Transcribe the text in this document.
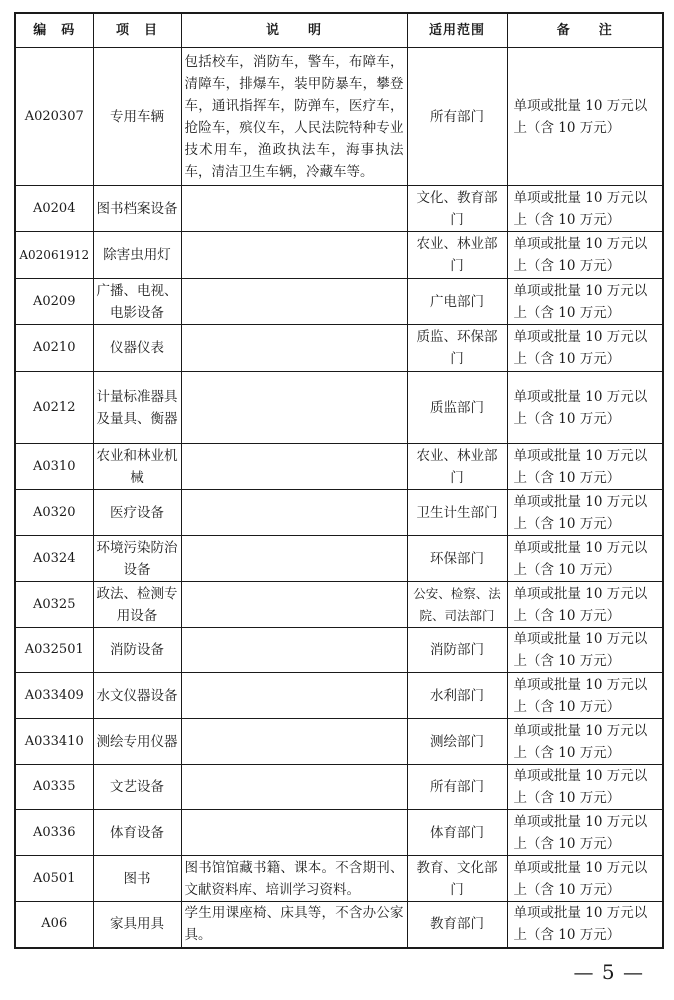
编　码	项　目	说　　明	适用范围	备　　注
A020307	专用车辆	包括校车，消防车，警车，布障车，清障车，排爆车，装甲防暴车，攀登车，通讯指挥车，防弹车，医疗车，抢险车，殡仪车，人民法院特种专业技术用车，渔政执法车，海事执法车，清洁卫生车辆，冷藏车等。	所有部门	单项或批量 10 万元以上（含 10 万元）
A0204	图书档案设备		文化、教育部门	单项或批量 10 万元以上（含 10 万元）
A02061912	除害虫用灯		农业、林业部门	单项或批量 10 万元以上（含 10 万元）
A0209	广播、电视、电影设备		广电部门	单项或批量 10 万元以上（含 10 万元）
A0210	仪器仪表		质监、环保部门	单项或批量 10 万元以上（含 10 万元）
A0212	计量标准器具及量具、衡器		质监部门	单项或批量 10 万元以上（含 10 万元）
A0310	农业和林业机械		农业、林业部门	单项或批量 10 万元以上（含 10 万元）
A0320	医疗设备		卫生计生部门	单项或批量 10 万元以上（含 10 万元）
A0324	环境污染防治设备		环保部门	单项或批量 10 万元以上（含 10 万元）
A0325	政法、检测专用设备		公安、检察、法院、司法部门	单项或批量 10 万元以上（含 10 万元）
A032501	消防设备		消防部门	单项或批量 10 万元以上（含 10 万元）
A033409	水文仪器设备		水利部门	单项或批量 10 万元以上（含 10 万元）
A033410	测绘专用仪器		测绘部门	单项或批量 10 万元以上（含 10 万元）
A0335	文艺设备		所有部门	单项或批量 10 万元以上（含 10 万元）
A0336	体育设备		体育部门	单项或批量 10 万元以上（含 10 万元）
A0501	图书	图书馆馆藏书籍、课本。不含期刊、文献资料库、培训学习资料。	教育、文化部门	单项或批量 10 万元以上（含 10 万元）
A06	家具用具	学生用课座椅、床具等，不含办公家具。	教育部门	单项或批量 10 万元以上（含 10 万元）
— 5 —
